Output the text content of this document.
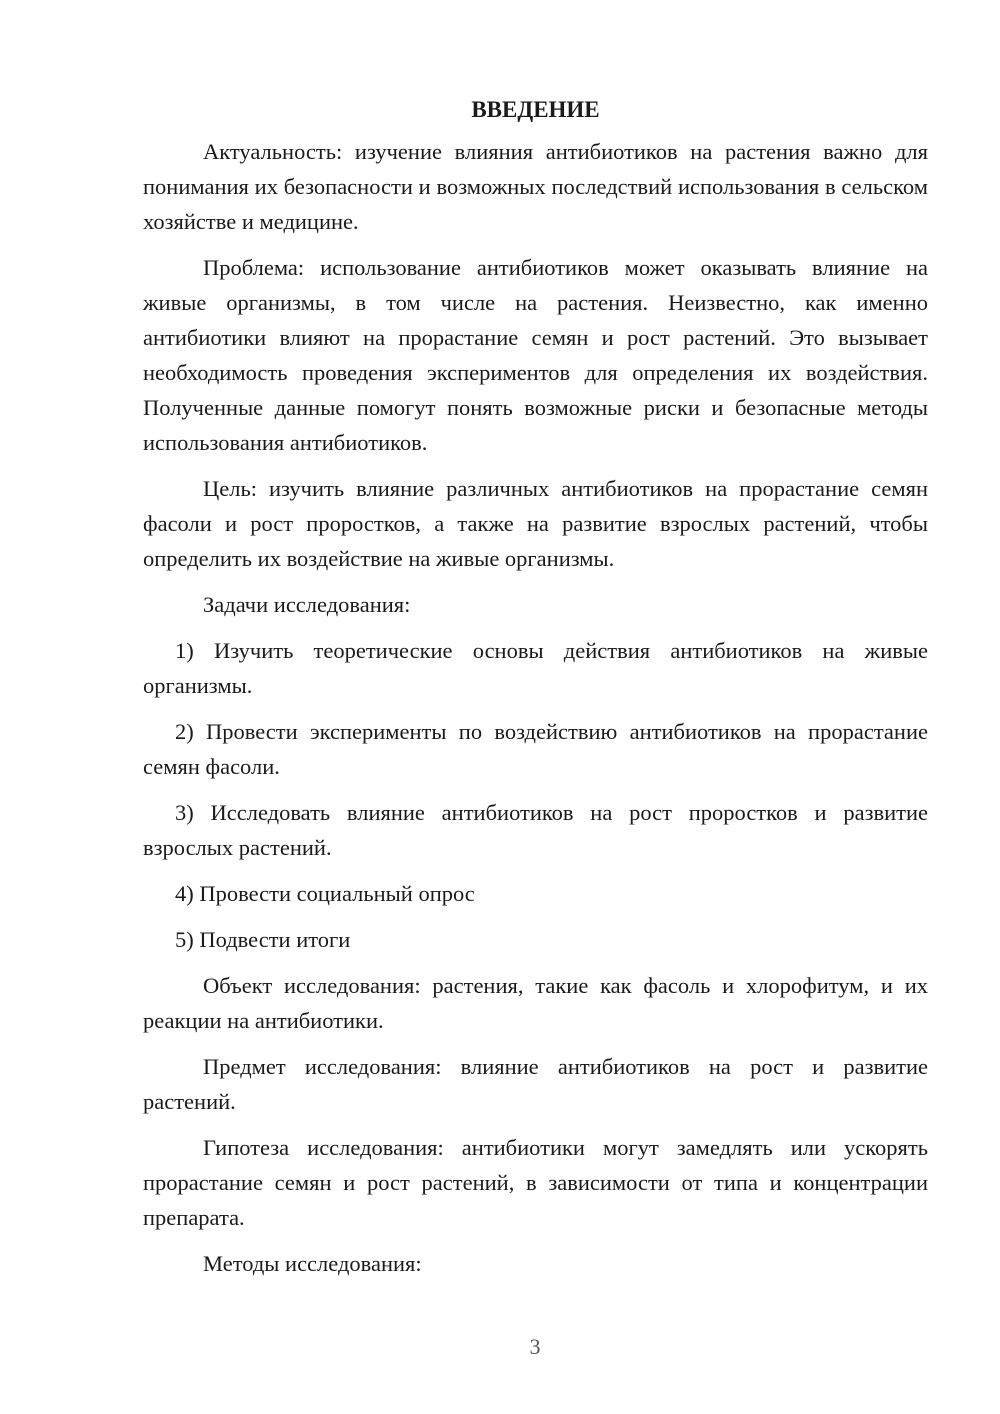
ВВЕДЕНИЕ

Актуальность: изучение влияния антибиотиков на растения важно для понимания их безопасности и возможных последствий использования в сельском хозяйстве и медицине.

Проблема: использование антибиотиков может оказывать влияние на живые организмы, в том числе на растения. Неизвестно, как именно антибиотики влияют на прорастание семян и рост растений. Это вызывает необходимость проведения экспериментов для определения их воздействия. Полученные данные помогут понять возможные риски и безопасные методы использования антибиотиков.

Цель: изучить влияние различных антибиотиков на прорастание семян фасоли и рост проростков, а также на развитие взрослых растений, чтобы определить их воздействие на живые организмы.

Задачи исследования:

1) Изучить теоретические основы действия антибиотиков на живые организмы.

2) Провести эксперименты по воздействию антибиотиков на прорастание семян фасоли.

3) Исследовать влияние антибиотиков на рост проростков и развитие взрослых растений.

4) Провести социальный опрос

5) Подвести итоги

Объект исследования: растения, такие как фасоль и хлорофитум, и их реакции на антибиотики.

Предмет исследования: влияние антибиотиков на рост и развитие растений.

Гипотеза исследования: антибиотики могут замедлять или ускорять прорастание семян и рост растений, в зависимости от типа и концентрации препарата.

Методы исследования:

3
